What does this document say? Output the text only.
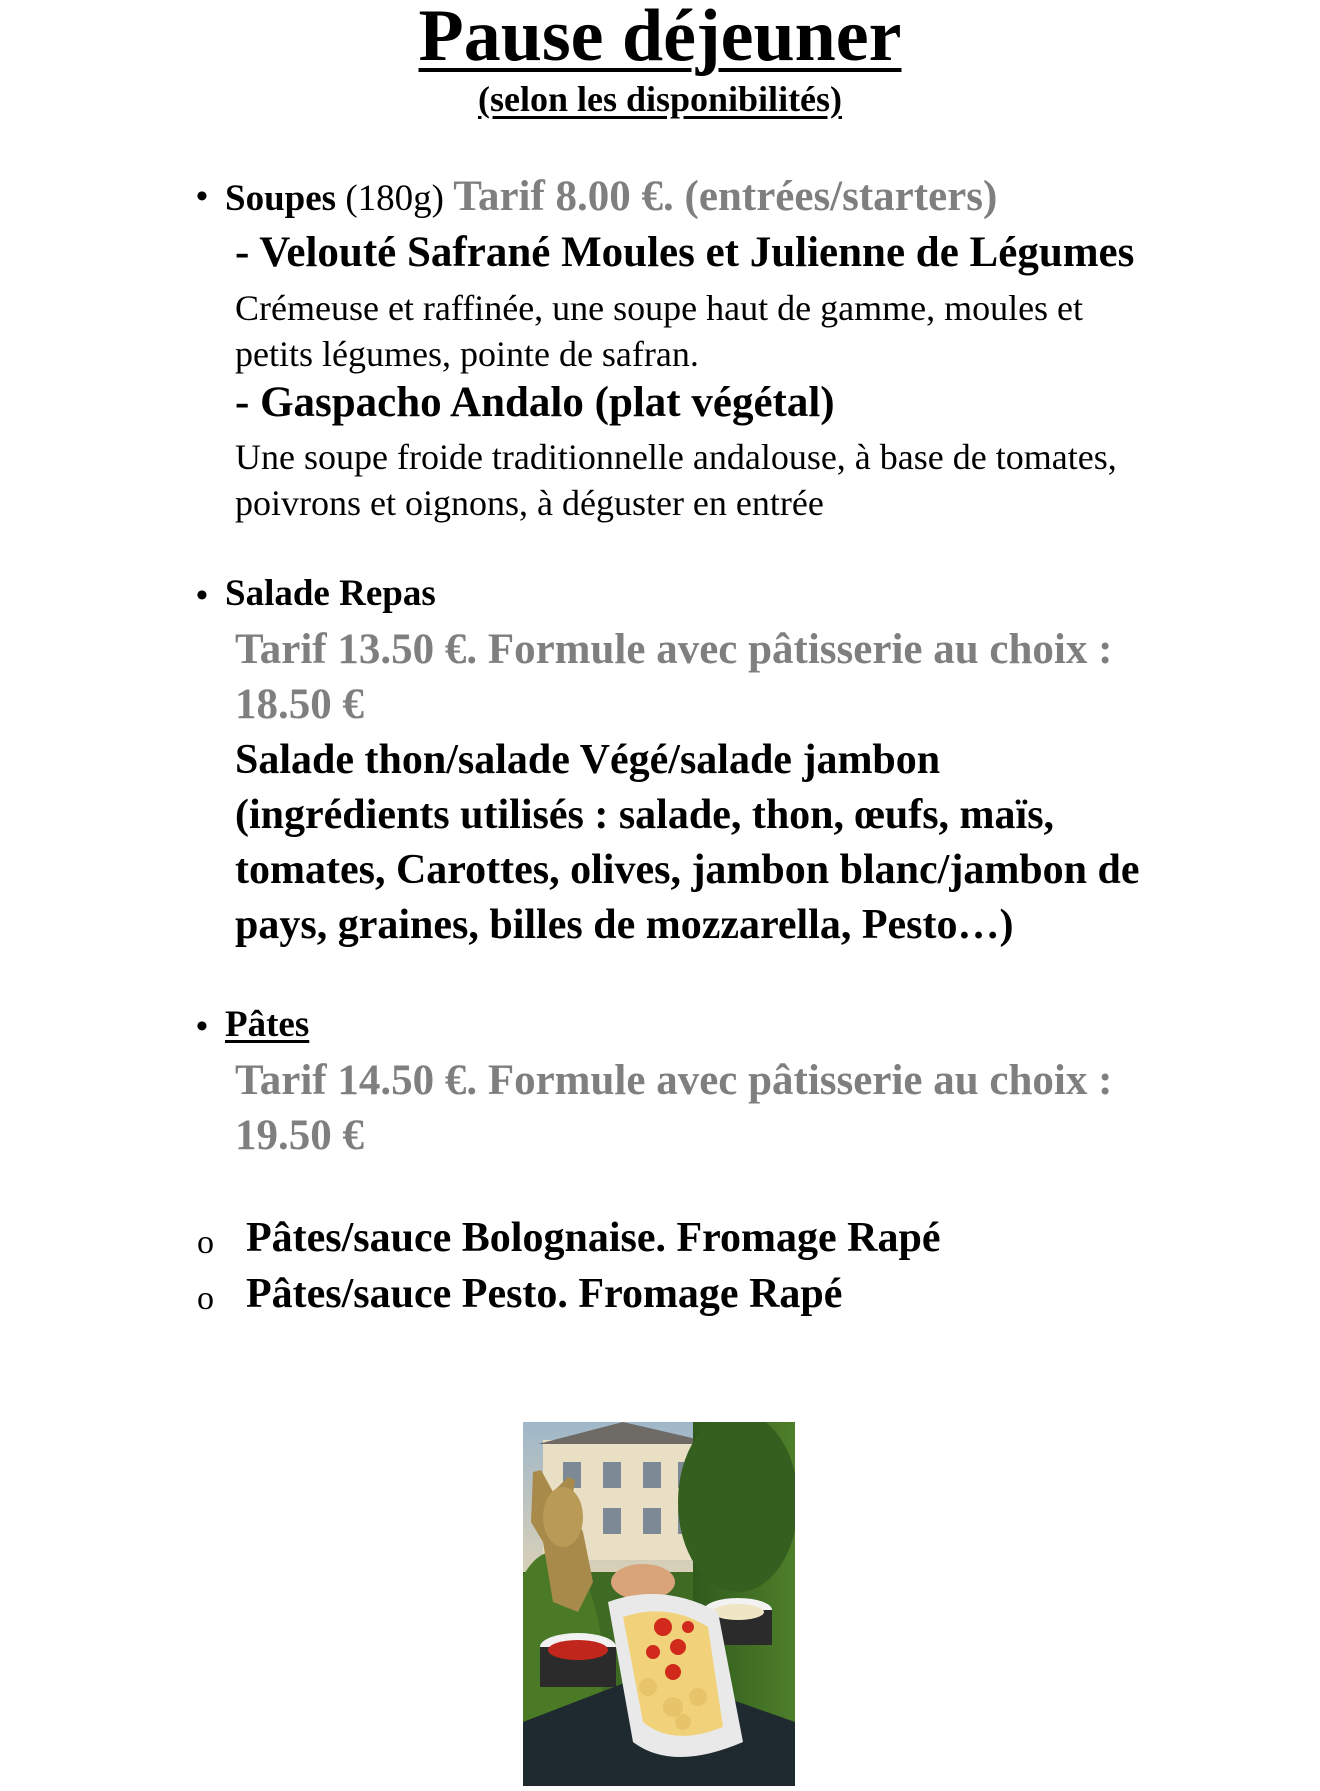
Pause déjeuner
(selon les disponibilités)
• Soupes (180g) Tarif 8.00 €. (entrées/starters)
- Velouté Safrané Moules et Julienne de Légumes
Crémeuse et raffinée, une soupe haut de gamme, moules et
petits légumes, pointe de safran.
- Gaspacho Andalo (plat végétal)
Une soupe froide traditionnelle andalouse, à base de tomates,
poivrons et oignons, à déguster en entrée
• Salade Repas
Tarif 13.50 €. Formule avec pâtisserie au choix :
18.50 €
Salade thon/salade Végé/salade jambon
(ingrédients utilisés : salade, thon, œufs, maïs,
tomates, Carottes, olives, jambon blanc/jambon de
pays, graines, billes de mozzarella, Pesto…)
• Pâtes
Tarif 14.50 €. Formule avec pâtisserie au choix :
19.50 €
o Pâtes/sauce Bolognaise. Fromage Rapé
o Pâtes/sauce Pesto. Fromage Rapé
